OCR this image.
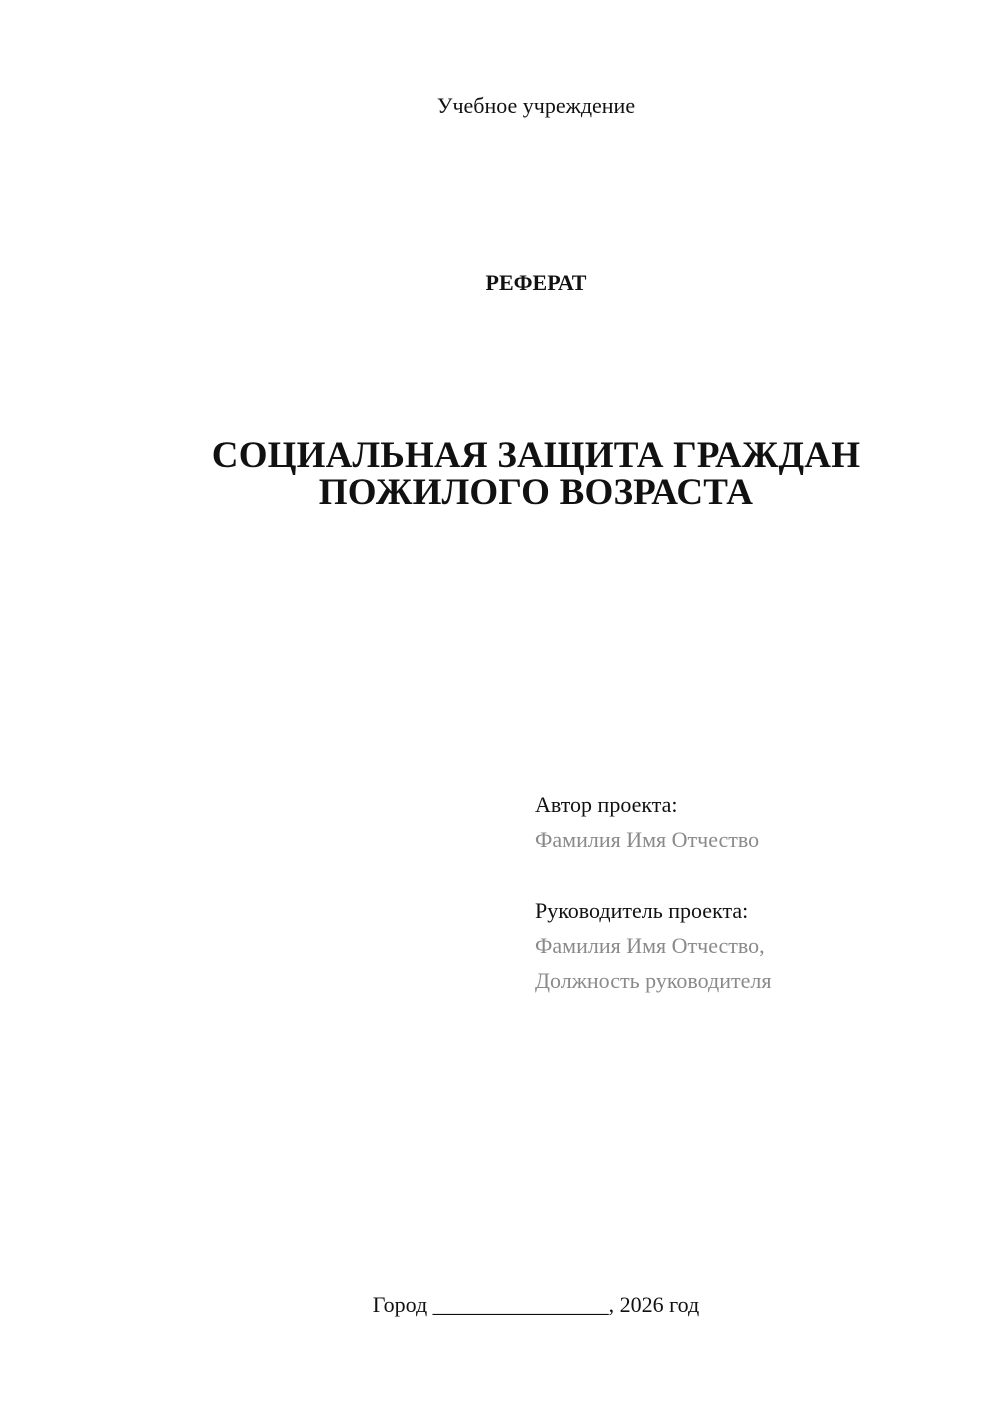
Учебное учреждение
РЕФЕРАТ
СОЦИАЛЬНАЯ ЗАЩИТА ГРАЖДАН
ПОЖИЛОГО ВОЗРАСТА
Автор проекта:
Фамилия Имя Отчество
Руководитель проекта:
Фамилия Имя Отчество,
Должность руководителя
Город ________________, 2026 год
